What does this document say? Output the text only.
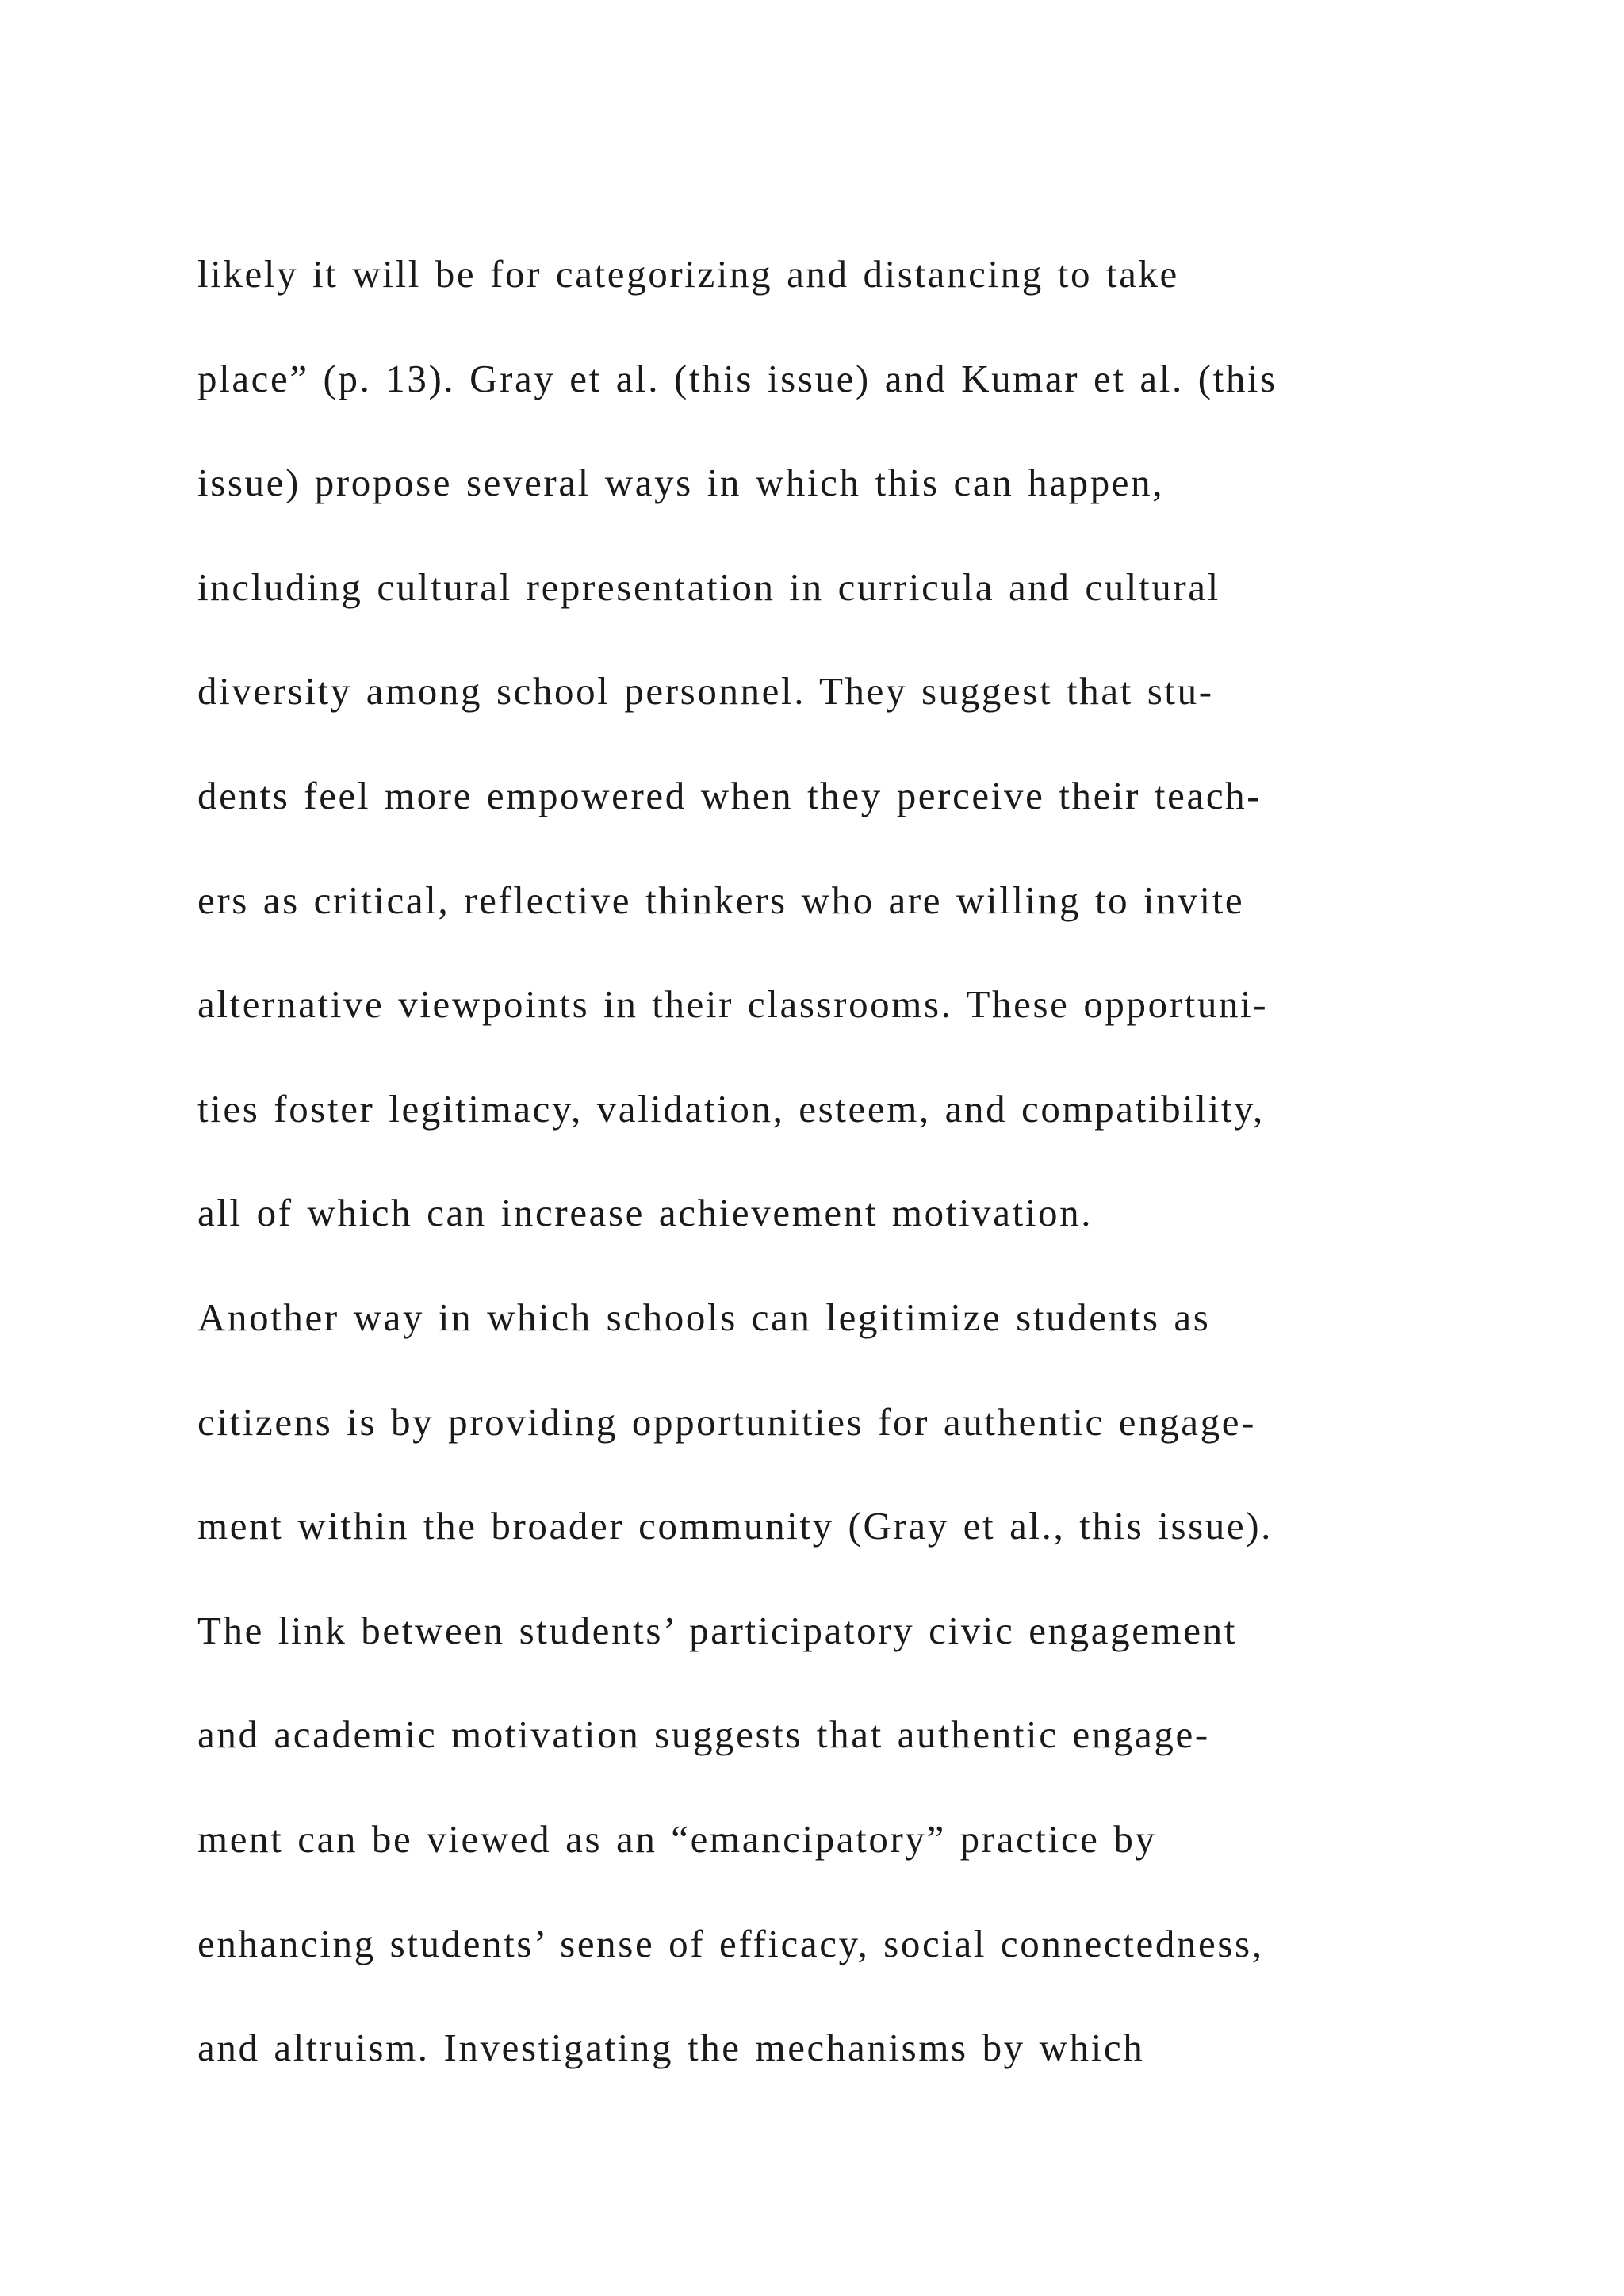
likely it will be for categorizing and distancing to take
place” (p. 13). Gray et al. (this issue) and Kumar et al. (this
issue) propose several ways in which this can happen,
including cultural representation in curricula and cultural
diversity among school personnel. They suggest that stu-
dents feel more empowered when they perceive their teach-
ers as critical, reflective thinkers who are willing to invite
alternative viewpoints in their classrooms. These opportuni-
ties foster legitimacy, validation, esteem, and compatibility,
all of which can increase achievement motivation.
Another way in which schools can legitimize students as
citizens is by providing opportunities for authentic engage-
ment within the broader community (Gray et al., this issue).
The link between students’ participatory civic engagement
and academic motivation suggests that authentic engage-
ment can be viewed as an “emancipatory” practice by
enhancing students’ sense of efficacy, social connectedness,
and altruism. Investigating the mechanisms by which
